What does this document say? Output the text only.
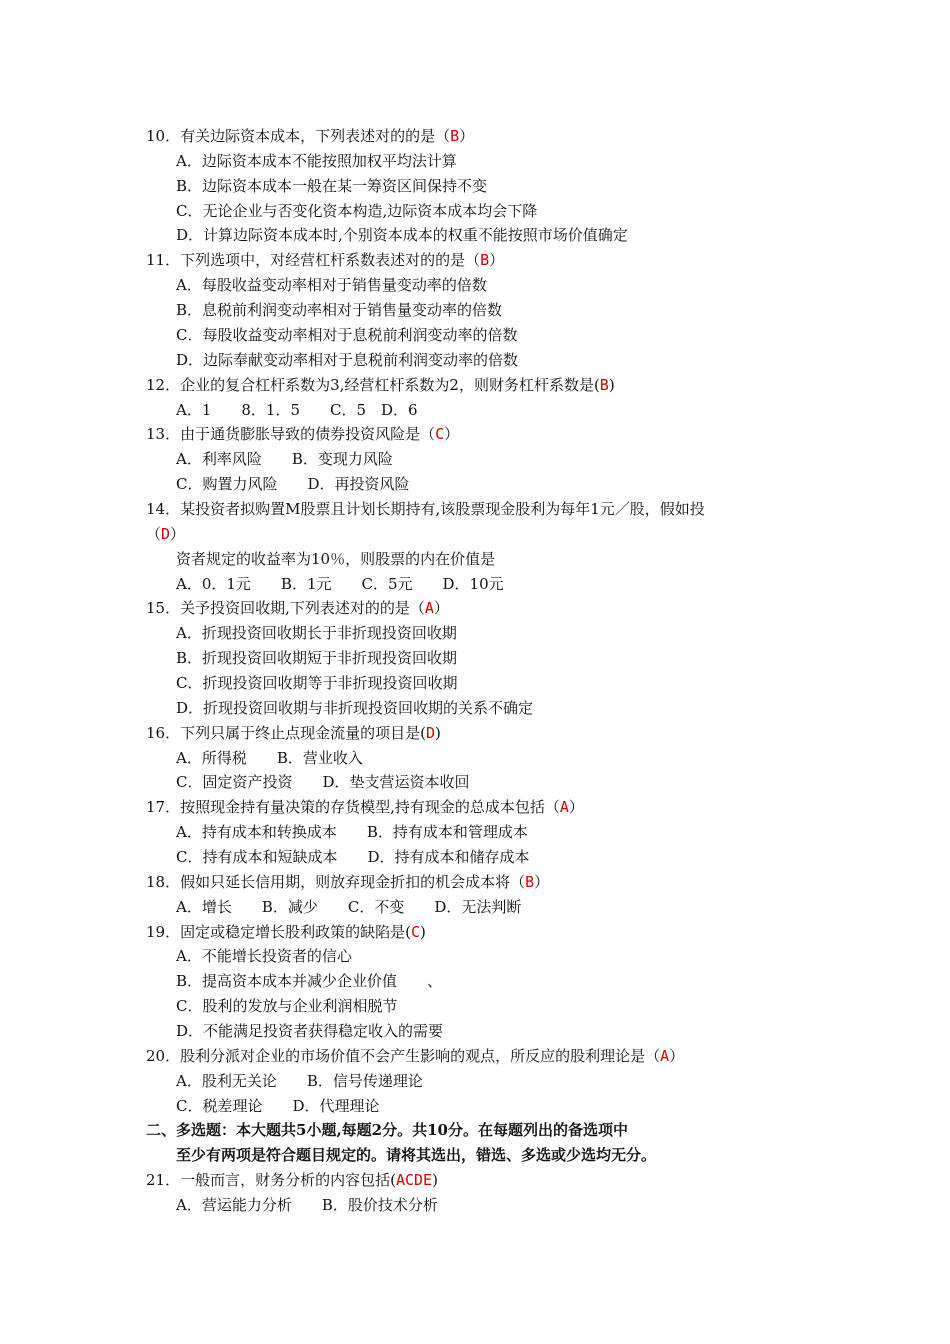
10．有关边际资本成本，下列表述对的的是（B）
A．边际资本成本不能按照加权平均法计算
B．边际资本成本一般在某一筹资区间保持不变
C．无论企业与否变化资本构造,边际资本成本均会下降
D．计算边际资本成本时,个别资本成本的权重不能按照市场价值确定
11．下列选项中，对经营杠杆系数表述对的的是（B）
A．每股收益变动率相对于销售量变动率的倍数
B．息税前利润变动率相对于销售量变动率的倍数
C．每股收益变动率相对于息税前利润变动率的倍数
D．边际奉献变动率相对于息税前利润变动率的倍数
12．企业的复合杠杆系数为3,经营杠杆系数为2，则财务杠杆系数是(B)
A．1　　8．1．5　　C．5　D．6
13．由于通货膨胀导致的债券投资风险是（C）
A．利率风险　　B．变现力风险
C．购置力风险　　D．再投资风险
14．某投资者拟购置M股票且计划长期持有,该股票现金股利为每年1元／股，假如投
（D）
资者规定的收益率为10％，则股票的内在价值是
A．0．1元　　B．1元　　C．5元　　D．10元
15．关予投资回收期,下列表述对的的是（A）
A．折现投资回收期长于非折现投资回收期
B．折现投资回收期短于非折现投资回收期
C．折现投资回收期等于非折现投资回收期
D．折现投资回收期与非折现投资回收期的关系不确定
16．下列只属于终止点现金流量的项目是(D)
A．所得税　　B．营业收入
C．固定资产投资　　D．垫支营运资本收回
17．按照现金持有量决策的存货模型,持有现金的总成本包括（A）
A．持有成本和转换成本　　B．持有成本和管理成本
C．持有成本和短缺成本　　D．持有成本和储存成本
18．假如只延长信用期，则放弃现金折扣的机会成本将（B）
A．增长　　B．减少　　C．不变　　D．无法判断
19．固定或稳定增长股利政策的缺陷是(C)
A．不能增长投资者的信心
B．提高资本成本并减少企业价值　　、
C．股利的发放与企业利润相脱节
D．不能满足投资者获得稳定收入的需要
20．股利分派对企业的市场价值不会产生影响的观点，所反应的股利理论是（A）
A．股利无关论　　B．信号传递理论
C．税差理论　　D．代理理论
二、多选题：本大题共5小题,每题2分。共10分。在每题列出的备选项中
至少有两项是符合题目规定的。请将其选出，错选、多选或少选均无分。
21．一般而言，财务分析的内容包括(ACDE)
A．营运能力分析　　B．股价技术分析
